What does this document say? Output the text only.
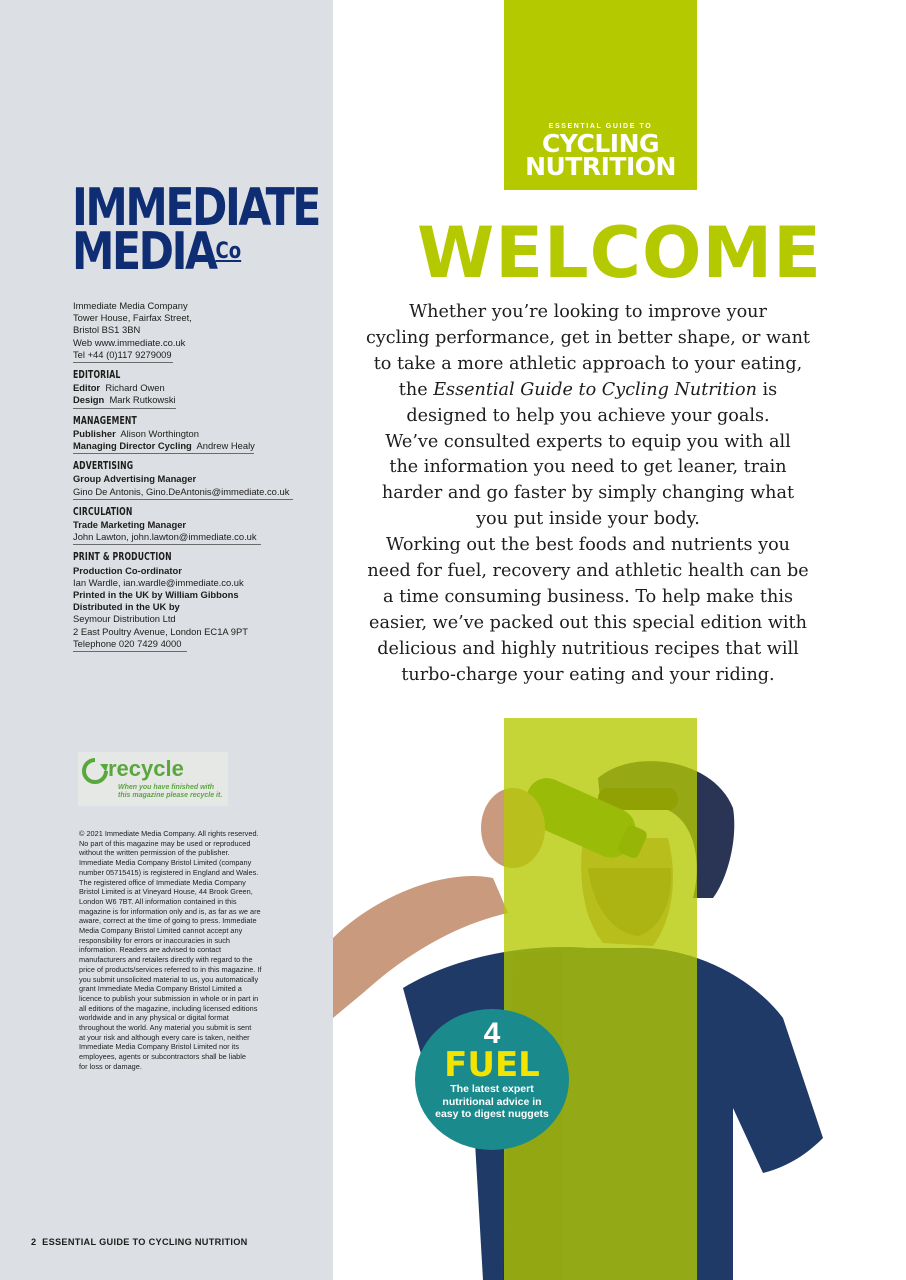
IMMEDIATE
$MEDIA^{Co}$
Immediate Media Company
Tower House, Fairfax Street,
Bristol BS1 3BN
Web www.immediate.co.uk
Tel +44 (0)117 9279009
EDITORIAL
Editor Richard Owen
Design Mark Rutkowski
MANAGEMENT
Publisher Alison Worthington
Managing Director Cycling Andrew Healy
ADVERTISING
Group Advertising Manager
Gino De Antonis, Gino.DeAntonis@immediate.co.uk
CIRCULATION
Trade Marketing Manager
John Lawton, john.lawton@immediate.co.uk
PRINT & PRODUCTION
Production Co-ordinator
Ian Wardle, ian.wardle@immediate.co.uk
Printed in the UK by William Gibbons
Distributed in the UK by
Seymour Distribution Ltd
2 East Poultry Avenue, London EC1A 9PT
Telephone 020 7429 4000
recycle
When you have finished with
this magazine please recycle it.
© 2021 Immediate Media Company. All rights reserved.
No part of this magazine may be used or reproduced
without the written permission of the publisher.
Immediate Media Company Bristol Limited (company
number 05715415) is registered in England and Wales.
The registered office of Immediate Media Company
Bristol Limited is at Vineyard House, 44 Brook Green,
London W6 7BT. All information contained in this
magazine is for information only and is, as far as we are
aware, correct at the time of going to press. Immediate
Media Company Bristol Limited cannot accept any
responsibility for errors or inaccuracies in such
information. Readers are advised to contact
manufacturers and retailers directly with regard to the
price of products/services referred to in this magazine. If
you submit unsolicited material to us, you automatically
grant Immediate Media Company Bristol Limited a
licence to publish your submission in whole or in part in
all editions of the magazine, including licensed editions
worldwide and in any physical or digital format
throughout the world. Any material you submit is sent
at your risk and although every care is taken, neither
Immediate Media Company Bristol Limited nor its
employees, agents or subcontractors shall be liable
for loss or damage.
2 ESSENTIAL GUIDE TO CYCLING NUTRITION
ESSENTIAL GUIDE TO
CYCLING
NUTRITION
WELCOME
Whether you’re looking to improve your
cycling performance, get in better shape, or want
to take a more athletic approach to your eating,
the Essential Guide to Cycling Nutrition is
designed to help you achieve your goals.
We’ve consulted experts to equip you with all
the information you need to get leaner, train
harder and go faster by simply changing what
you put inside your body.
Working out the best foods and nutrients you
need for fuel, recovery and athletic health can be
a time consuming business. To help make this
easier, we’ve packed out this special edition with
delicious and highly nutritious recipes that will
turbo-charge your eating and your riding.
4
FUEL
The latest expert nutritional advice in easy to digest nuggets
